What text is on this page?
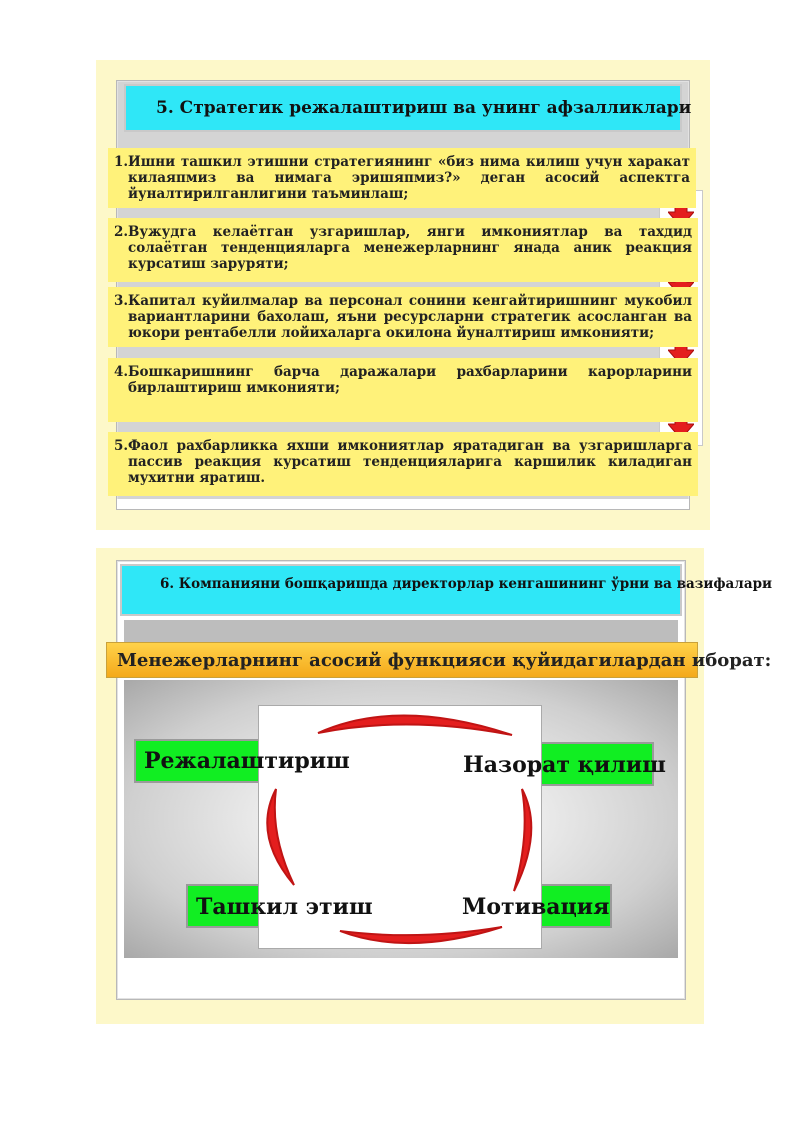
5. Стратегик режалаштириш ва унинг афзалликлари
1. Ишни ташкил этишни стратегиянинг «биз нима килиш учун харакат килаяпмиз ва нимага эришяпмиз?» деган асосий аспектга йуналтирилганлигини таъминлаш;
2. Вужудга келаётган узгаришлар, янги имкониятлар ва тахдид солаётган тенденцияларга менежерларнинг янада аник реакция курсатиш заруряти;
3. Капитал куйилмалар ва персонал сонини кенгайтиришнинг мукобил вариантларини бахолаш, яъни ресурсларни стратегик асосланган ва юкори рентабелли лойихаларга окилона йуналтириш имконияти;
4. Бошкаришнинг барча даражалари рахбарларини карорларини бирлаштириш имконияти;
5. Фаол рахбарликка яхши имкониятлар яратадиган ва узгаришларга пассив реакция курсатиш тенденцияларига каршилик киладиган мухитни яратиш.
6. Компанияни бошқаришда директорлар кенгашининг ўрни ва вазифалари
Менежерларнинг асосий функцияси қуйидагилардан иборат:
Режалаштириш	Назорат қилиш
Ташкил этиш	Мотивация
